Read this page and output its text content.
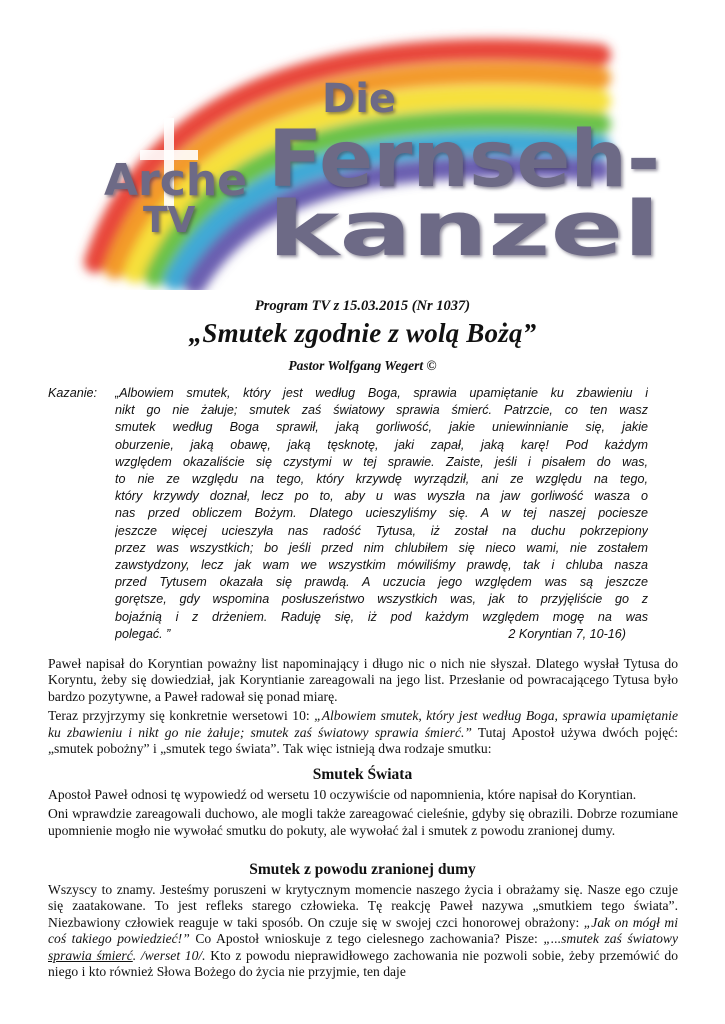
Arche
TV
Die
Fernseh-
kanzel
Program TV z 15.03.2015 (Nr 1037)
„Smutek zgodnie z wolą Bożą”
Pastor Wolfgang Wegert ©
Kazanie: „Albowiem smutek, który jest według Boga, sprawia upamiętanie ku zbawieniu i
nikt go nie żałuje; smutek zaś światowy sprawia śmierć. Patrzcie, co ten wasz
smutek według Boga sprawił, jaką gorliwość, jakie uniewinnianie się, jakie
oburzenie, jaką obawę, jaką tęsknotę, jaki zapał, jaką karę! Pod każdym
względem okazaliście się czystymi w tej sprawie. Zaiste, jeśli i pisałem do was,
to nie ze względu na tego, który krzywdę wyrządził, ani ze względu na tego,
który krzywdy doznał, lecz po to, aby u was wyszła na jaw gorliwość wasza o
nas przed obliczem Bożym. Dlatego ucieszyliśmy się. A w tej naszej pociesze
jeszcze więcej ucieszyła nas radość Tytusa, iż został na duchu pokrzepiony
przez was wszystkich; bo jeśli przed nim chlubiłem się nieco wami, nie zostałem
zawstydzony, lecz jak wam we wszystkim mówiliśmy prawdę, tak i chluba nasza
przed Tytusem okazała się prawdą. A uczucia jego względem was są jeszcze
gorętsze, gdy wspomina posłuszeństwo wszystkich was, jak to przyjęliście go z
bojaźnią i z drżeniem. Raduję się, iż pod każdym względem mogę na was
polegać. ”	2 Koryntian 7, 10-16)

Paweł napisał do Koryntian poważny list napominający i długo nic o nich nie słyszał. Dlatego wysłał Tytusa do Koryntu, żeby się dowiedział, jak Koryntianie zareagowali na jego list. Przesłanie od powracającego Tytusa było bardzo pozytywne, a Paweł radował się ponad miarę.

Teraz przyjrzymy się konkretnie wersetowi 10: „Albowiem smutek, który jest według Boga, sprawia upamiętanie ku zbawieniu i nikt go nie żałuje; smutek zaś światowy sprawia śmierć.” Tutaj Apostoł używa dwóch pojęć: „smutek pobożny” i „smutek tego świata”. Tak więc istnieją dwa rodzaje smutku:

Smutek Świata

Apostoł Paweł odnosi tę wypowiedź od wersetu 10 oczywiście od napomnienia, które napisał do Koryntian.

Oni wprawdzie zareagowali duchowo, ale mogli także zareagować cieleśnie, gdyby się obrazili. Dobrze rozumiane upomnienie mogło nie wywołać smutku do pokuty, ale wywołać żal i smutek z powodu zranionej dumy.

Smutek z powodu zranionej dumy

Wszyscy to znamy. Jesteśmy poruszeni w krytycznym momencie naszego życia i obrażamy się. Nasze ego czuje się zaatakowane. To jest refleks starego człowieka. Tę reakcję Paweł nazywa „smutkiem tego świata”. Niezbawiony człowiek reaguje w taki sposób. On czuje się w swojej czci honorowej obrażony: „Jak on mógł mi coś takiego powiedzieć!” Co Apostoł wnioskuje z tego cielesnego zachowania? Pisze: „...smutek zaś światowy sprawia śmierć. /werset 10/. Kto z powodu nieprawidłowego zachowania nie pozwoli sobie, żeby przemówić do niego i kto również Słowa Bożego do życia nie przyjmie, ten daje
